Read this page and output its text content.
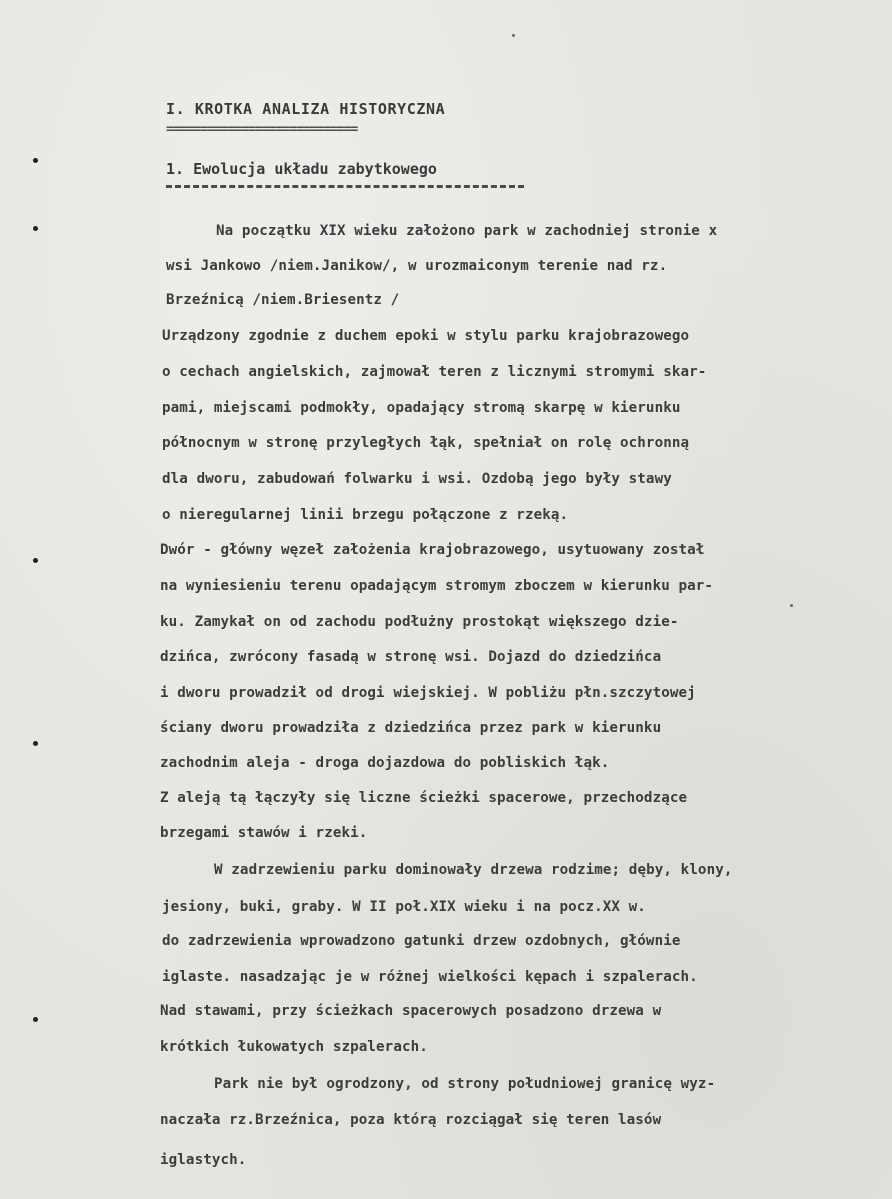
I. KROTKA ANALIZA HISTORYCZNA
============================
1. Ewolucja układu zabytkowego
Na początku XIX wieku założono park w zachodniej stronie x
wsi Jankowo /niem.Janikow/, w urozmaiconym terenie nad rz.
Brzeźnicą /niem.Briesentz /
Urządzony zgodnie z duchem epoki w stylu parku krajobrazowego
o cechach angielskich, zajmował teren z licznymi stromymi skar-
pami, miejscami podmokły, opadający stromą skarpę w kierunku
północnym w stronę przyległych łąk, spełniał on rolę ochronną
dla dworu, zabudowań folwarku i wsi. Ozdobą jego były stawy
o nieregularnej linii brzegu połączone z rzeką.
Dwór - główny węzeł założenia krajobrazowego, usytuowany został
na wyniesieniu terenu opadającym stromym zboczem w kierunku par-
ku. Zamykał on od zachodu podłużny prostokąt większego dzie-
dzińca, zwrócony fasadą w stronę wsi. Dojazd do dziedzińca
i dworu prowadził od drogi wiejskiej. W pobliżu płn.szczytowej
ściany dworu prowadziła z dziedzińca przez park w kierunku
zachodnim aleja - droga dojazdowa do pobliskich łąk.
Z aleją tą łączyły się liczne ścieżki spacerowe, przechodzące
brzegami stawów i rzeki.
W zadrzewieniu parku dominowały drzewa rodzime; dęby, klony,
jesiony, buki, graby. W II poł.XIX wieku i na pocz.XX w.
do zadrzewienia wprowadzono gatunki drzew ozdobnych, głównie
iglaste. nasadzając je w różnej wielkości kępach i szpalerach.
Nad stawami, przy ścieżkach spacerowych posadzono drzewa w
krótkich łukowatych szpalerach.
Park nie był ogrodzony, od strony południowej granicę wyz-
naczała rz.Brzeźnica, poza którą rozciągał się teren lasów
iglastych.
